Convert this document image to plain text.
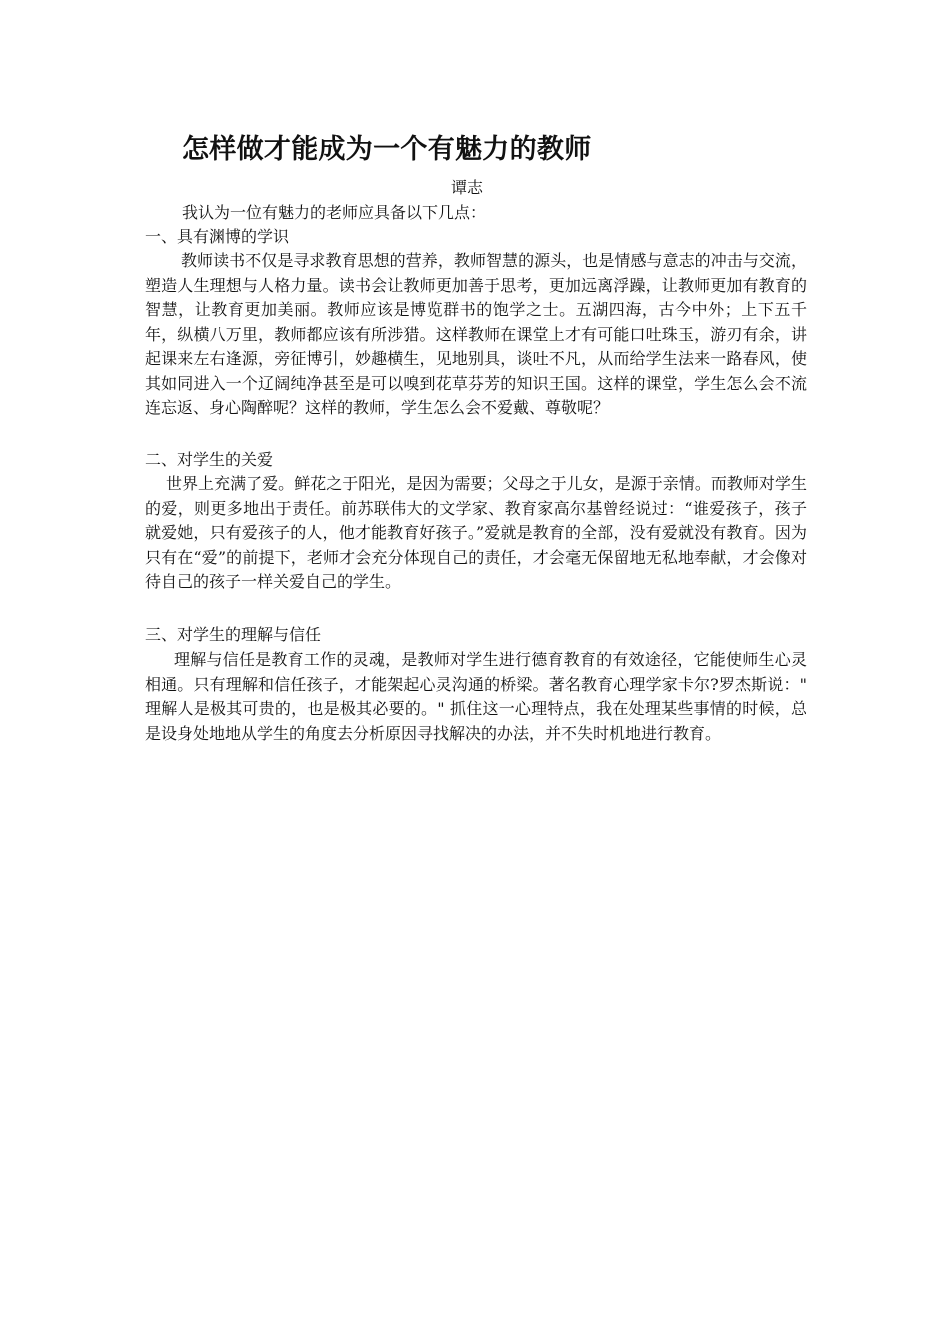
怎样做才能成为一个有魅力的教师
谭志
我认为一位有魅力的老师应具备以下几点：
一、具有渊博的学识

教师读书不仅是寻求教育思想的营养，教师智慧的源头，也是情感与意志的冲击与交流，塑造人生理想与人格力量。读书会让教师更加善于思考，更加远离浮躁，让教师更加有教育的智慧，让教育更加美丽。教师应该是博览群书的饱学之士。五湖四海，古今中外；上下五千年，纵横八万里，教师都应该有所涉猎。这样教师在课堂上才有可能口吐珠玉，游刃有余，讲起课来左右逢源，旁征博引，妙趣横生，见地别具，谈吐不凡，从而给学生法来一路春风，使其如同进入一个辽阔纯净甚至是可以嗅到花草芬芳的知识王国。这样的课堂，学生怎么会不流连忘返、身心陶醉呢？这样的教师，学生怎么会不爱戴、尊敬呢？

二、对学生的关爱

世界上充满了爱。鲜花之于阳光，是因为需要；父母之于儿女，是源于亲情。而教师对学生的爱，则更多地出于责任。前苏联伟大的文学家、教育家高尔基曾经说过：“谁爱孩子，孩子就爱她，只有爱孩子的人，他才能教育好孩子。”爱就是教育的全部，没有爱就没有教育。因为只有在“爱”的前提下，老师才会充分体现自己的责任，才会毫无保留地无私地奉献，才会像对待自己的孩子一样关爱自己的学生。

三、对学生的理解与信任

理解与信任是教育工作的灵魂，是教师对学生进行德育教育的有效途径，它能使师生心灵相通。只有理解和信任孩子，才能架起心灵沟通的桥梁。著名教育心理学家卡尔?罗杰斯说：" 理解人是极其可贵的，也是极其必要的。" 抓住这一心理特点，我在处理某些事情的时候，总是设身处地地从学生的角度去分析原因寻找解决的办法，并不失时机地进行教育。
